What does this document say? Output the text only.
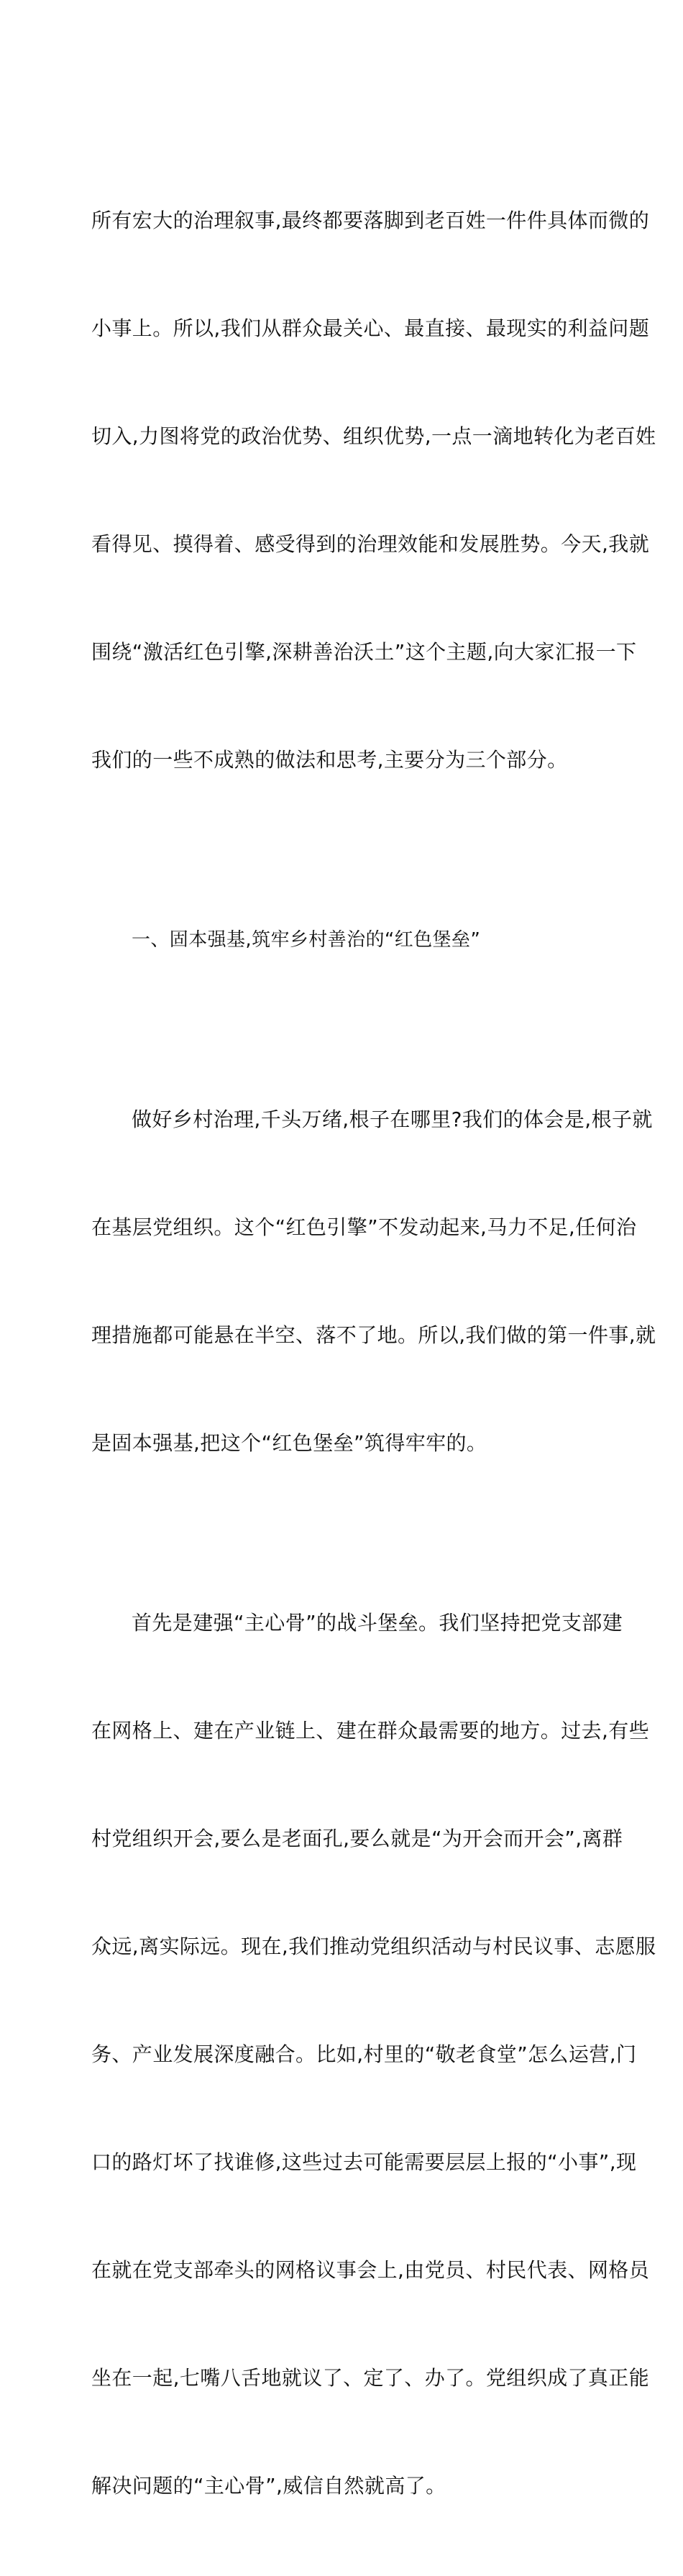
所有宏大的治理叙事,最终都要落脚到老百姓一件件具体而微的

小事上。所以,我们从群众最关心、最直接、最现实的利益问题

切入,力图将党的政治优势、组织优势,一点一滴地转化为老百姓

看得见、摸得着、感受得到的治理效能和发展胜势。今天,我就

围绕“激活红色引擎,深耕善治沃土”这个主题,向大家汇报一下

我们的一些不成熟的做法和思考,主要分为三个部分。

一、固本强基,筑牢乡村善治的“红色堡垒”

做好乡村治理,千头万绪,根子在哪里?我们的体会是,根子就

在基层党组织。这个“红色引擎”不发动起来,马力不足,任何治

理措施都可能悬在半空、落不了地。所以,我们做的第一件事,就

是固本强基,把这个“红色堡垒”筑得牢牢的。

首先是建强“主心骨”的战斗堡垒。我们坚持把党支部建

在网格上、建在产业链上、建在群众最需要的地方。过去,有些

村党组织开会,要么是老面孔,要么就是“为开会而开会”,离群

众远,离实际远。现在,我们推动党组织活动与村民议事、志愿服

务、产业发展深度融合。比如,村里的“敬老食堂”怎么运营,门

口的路灯坏了找谁修,这些过去可能需要层层上报的“小事”,现

在就在党支部牵头的网格议事会上,由党员、村民代表、网格员

坐在一起,七嘴八舌地就议了、定了、办了。党组织成了真正能

解决问题的“主心骨”,威信自然就高了。
